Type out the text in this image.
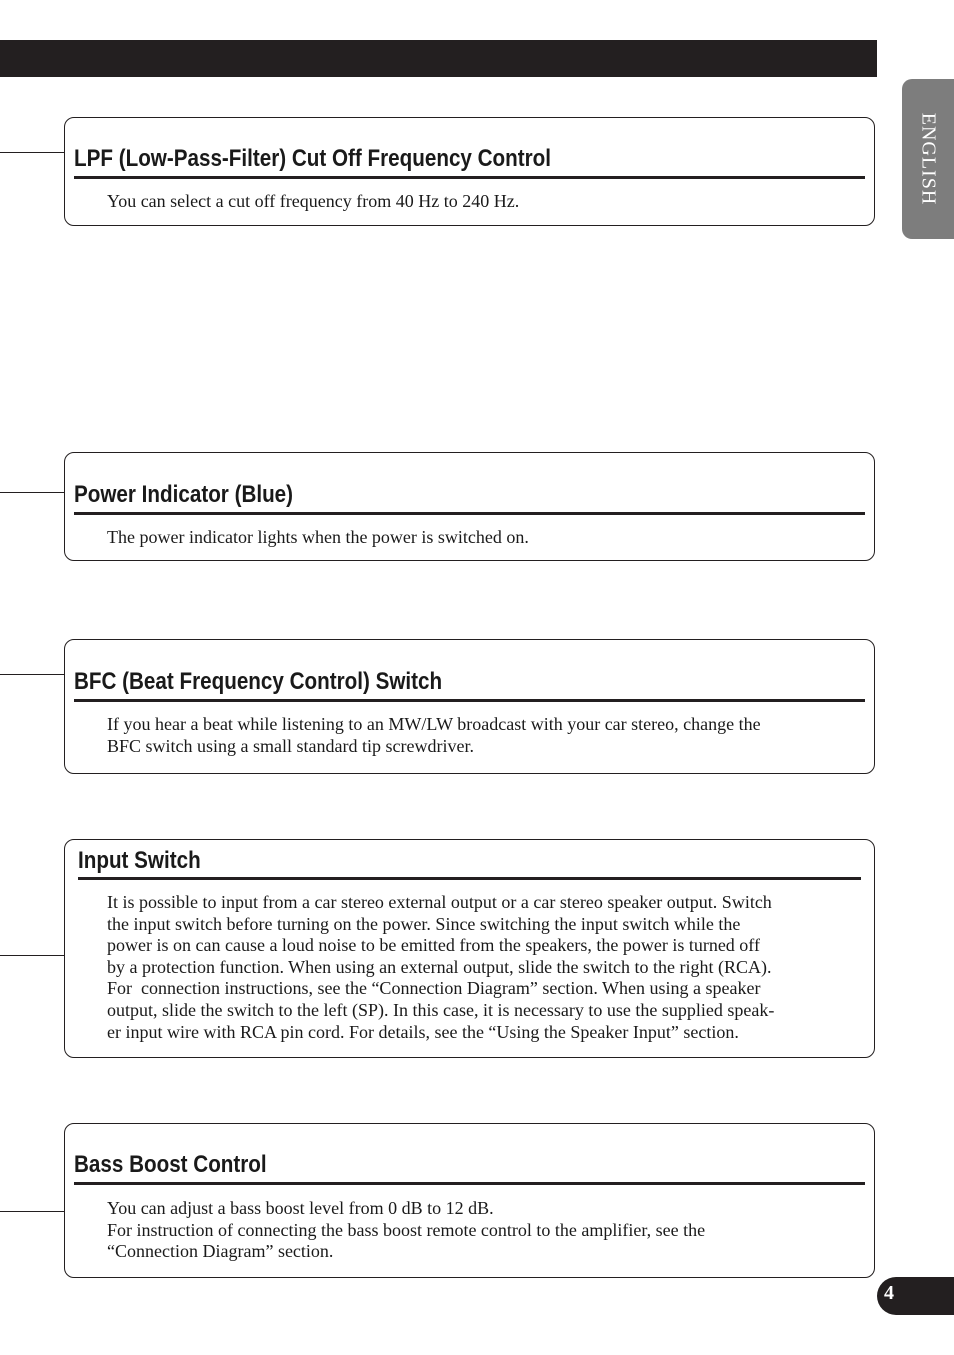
ENGLISH
LPF (Low-Pass-Filter) Cut Off Frequency Control
You can select a cut off frequency from 40 Hz to 240 Hz.
Power Indicator (Blue)
The power indicator lights when the power is switched on.
BFC (Beat Frequency Control) Switch
If you hear a beat while listening to an MW/LW broadcast with your car stereo, change the
BFC switch using a small standard tip screwdriver.
Input Switch
It is possible to input from a car stereo external output or a car stereo speaker output. Switch
the input switch before turning on the power. Since switching the input switch while the
power is on can cause a loud noise to be emitted from the speakers, the power is turned off
by a protection function. When using an external output, slide the switch to the right (RCA).
For  connection instructions, see the “Connection Diagram” section. When using a speaker
output, slide the switch to the left (SP). In this case, it is necessary to use the supplied speak-
er input wire with RCA pin cord. For details, see the “Using the Speaker Input” section.
Bass Boost Control
You can adjust a bass boost level from 0 dB to 12 dB.
For instruction of connecting the bass boost remote control to the amplifier, see the
“Connection Diagram” section.
4
